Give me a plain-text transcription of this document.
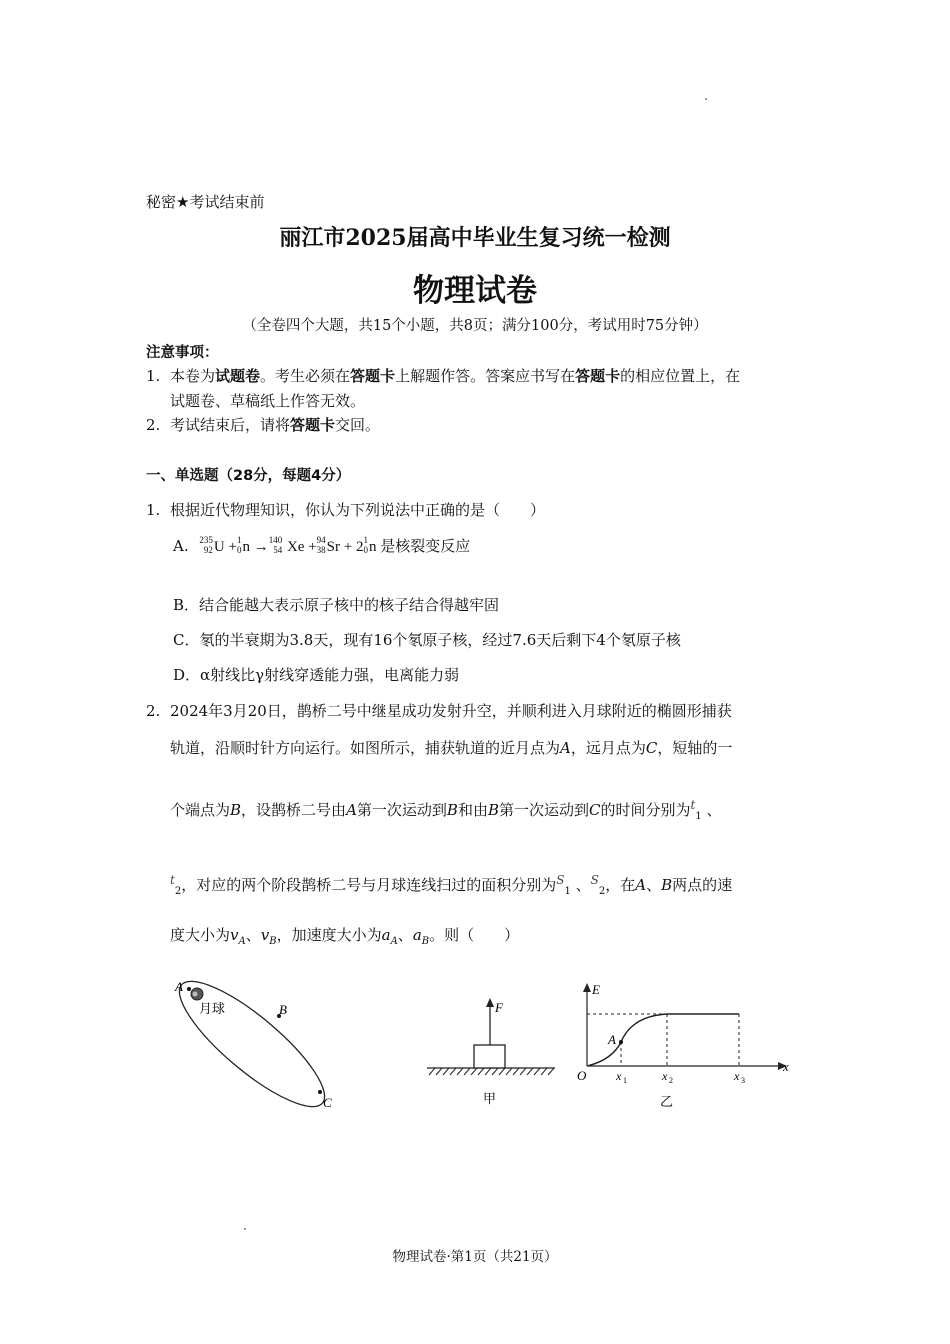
秘密★考试结束前
丽江市2025届高中毕业生复习统一检测
物理试卷
（全卷四个大题，共15个小题，共8页；满分100分，考试用时75分钟）
注意事项：
1. 本卷为试题卷。考生必须在答题卡上解题作答。答案应书写在答题卡的相应位置上，在
试题卷、草稿纸上作答无效。
2. 考试结束后，请将答题卡交回。
一、单选题（28分，每题4分）
1. 根据近代物理知识，你认为下列说法中正确的是（　　）
A. 235
92U +1
0n →140
54 Xe +94
38Sr + 21
0n 是核裂变反应
B．结合能越大表示原子核中的核子结合得越牢固
C．氡的半衰期为3.8天，现有16个氡原子核，经过7.6天后剩下4个氡原子核
D．α射线比γ射线穿透能力强，电离能力弱
2. 2024年3月20日，鹊桥二号中继星成功发射升空，并顺利进入月球附近的椭圆形捕获
轨道，沿顺时针方向运行。如图所示，捕获轨道的近月点为A，远月点为C，短轴的一
个端点为B，设鹊桥二号由A第一次运动到B和由B第一次运动到C的时间分别为$^t_1$ 、
$^t_2$，对应的两个阶段鹊桥二号与月球连线扫过的面积分别为$^S_1$ 、$^S_2$，在A、B两点的速
度大小为$v_A$、$v_B$，加速度大小为$a_A$、$a_B$。则（　　）
A
B
C
月球	F
甲
A
E
x
O x 1	x 2	x 3
乙
物理试卷·第1页（共21页）
